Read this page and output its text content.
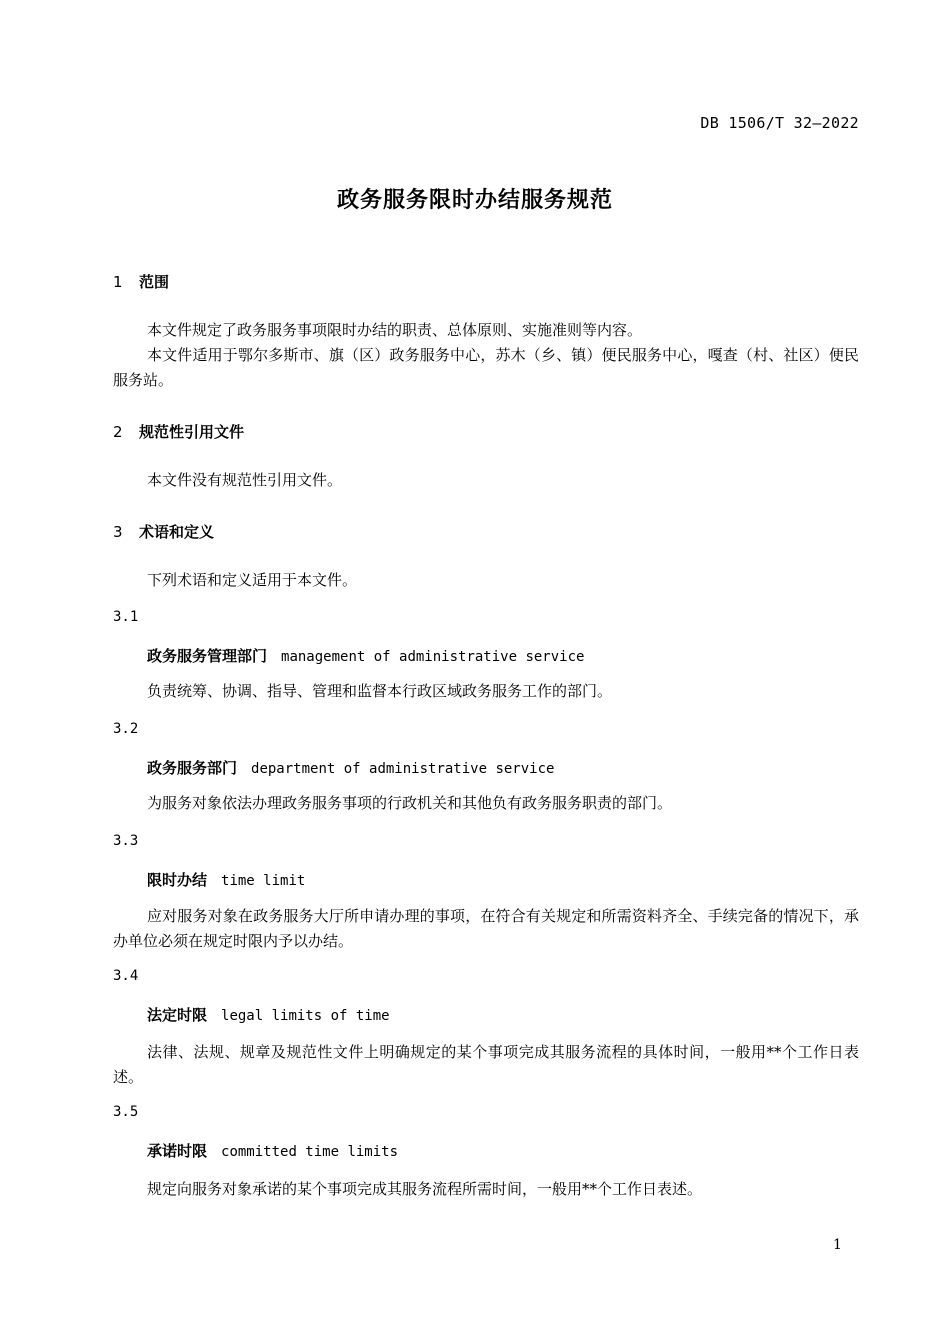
DB 1506/T 32—2022
政务服务限时办结服务规范
1 范围
本文件规定了政务服务事项限时办结的职责、总体原则、实施准则等内容。
本文件适用于鄂尔多斯市、旗（区）政务服务中心，苏木（乡、镇）便民服务中心，嘎查（村、社区）便民服务站。
2 规范性引用文件
本文件没有规范性引用文件。
3 术语和定义
下列术语和定义适用于本文件。
3.1
政务服务管理部门 management of administrative service
负责统筹、协调、指导、管理和监督本行政区域政务服务工作的部门。
3.2
政务服务部门 department of administrative service
为服务对象依法办理政务服务事项的行政机关和其他负有政务服务职责的部门。
3.3
限时办结 time limit
应对服务对象在政务服务大厅所申请办理的事项，在符合有关规定和所需资料齐全、手续完备的情况下，承办单位必须在规定时限内予以办结。
3.4
法定时限 legal limits of time
法律、法规、规章及规范性文件上明确规定的某个事项完成其服务流程的具体时间，一般用**个工作日表述。
3.5
承诺时限 committed time limits
规定向服务对象承诺的某个事项完成其服务流程所需时间，一般用**个工作日表述。
1
